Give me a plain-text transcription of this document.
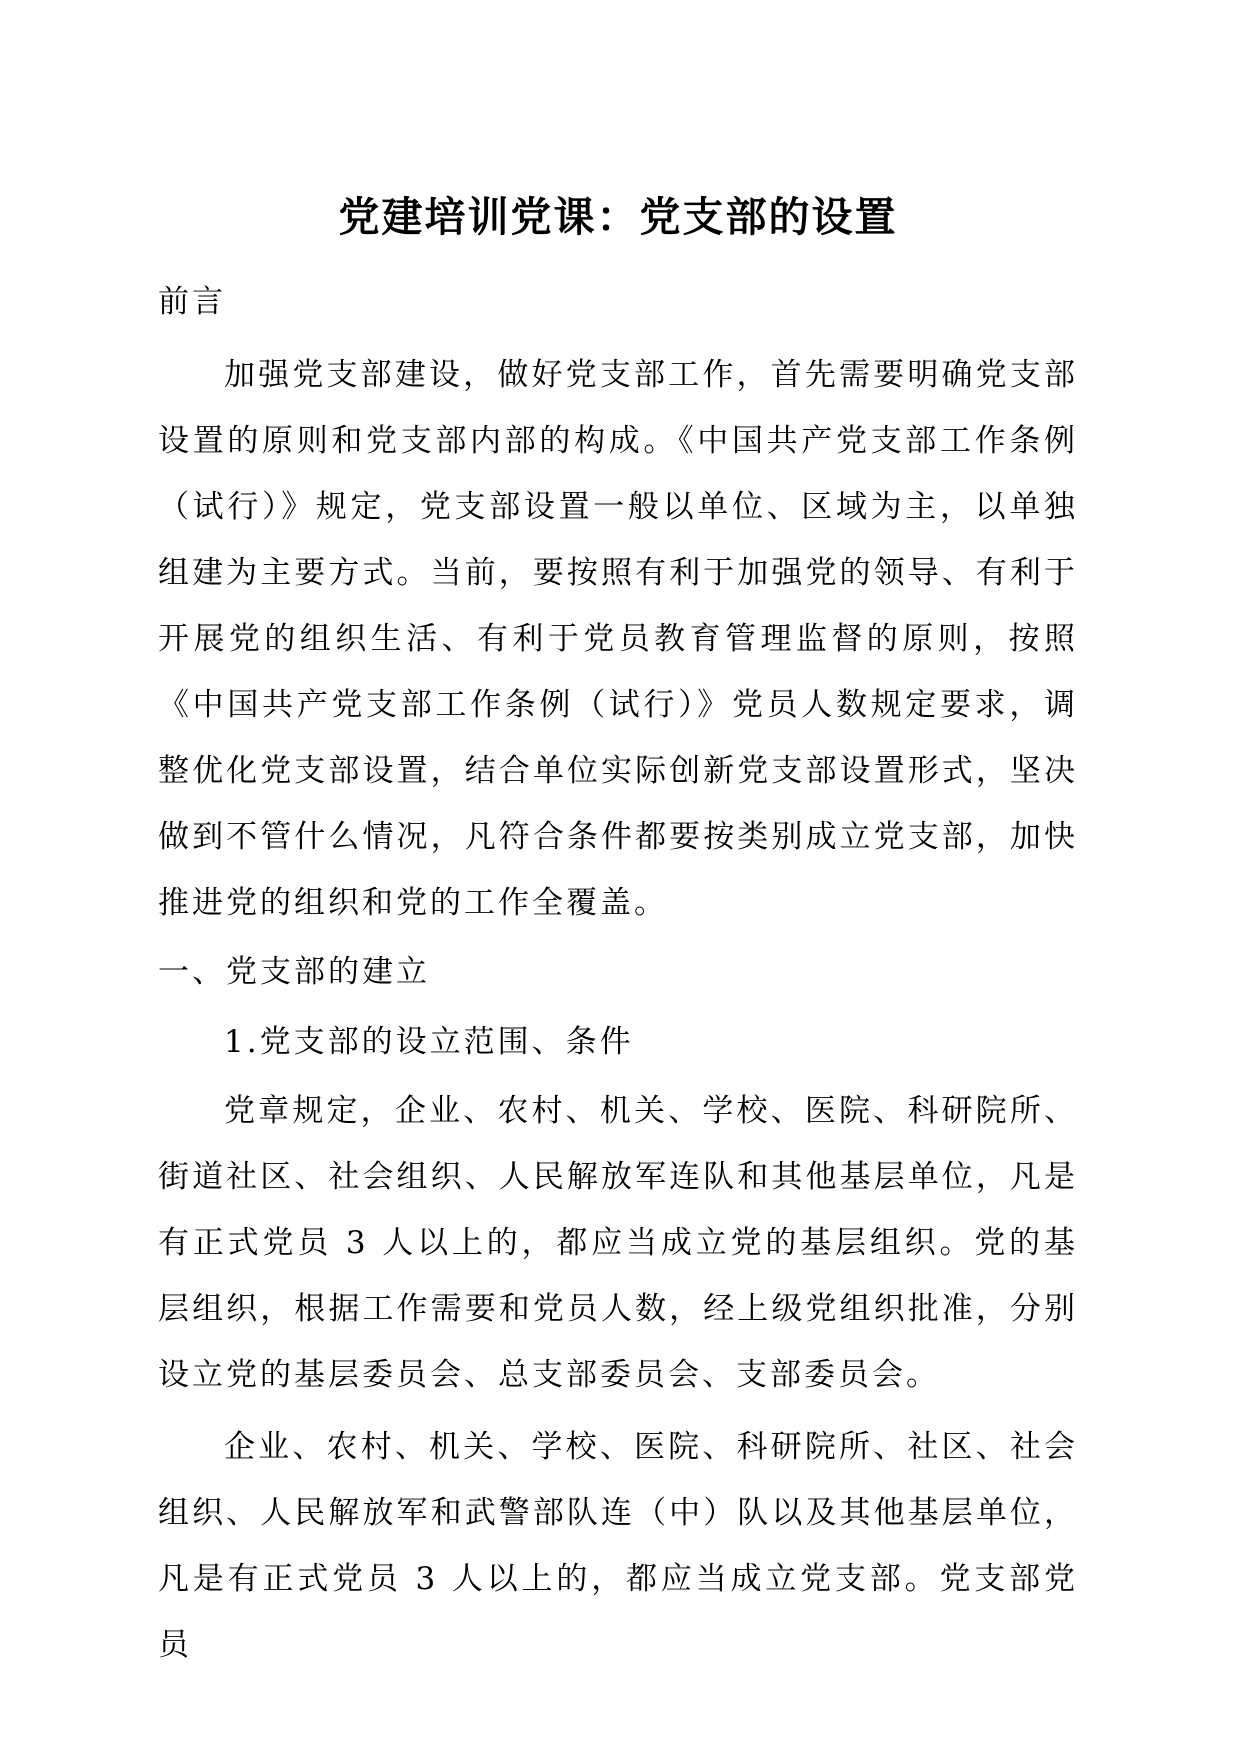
党建培训党课：党支部的设置
前言

加强党支部建设，做好党支部工作，首先需要明确党支部设置的原则和党支部内部的构成。《中国共产党支部工作条例（试行）》规定，党支部设置一般以单位、区域为主，以单独组建为主要方式。当前，要按照有利于加强党的领导、有利于开展党的组织生活、有利于党员教育管理监督的原则，按照《中国共产党支部工作条例（试行）》党员人数规定要求，调整优化党支部设置，结合单位实际创新党支部设置形式，坚决做到不管什么情况，凡符合条件都要按类别成立党支部，加快推进党的组织和党的工作全覆盖。

一、党支部的建立
1.党支部的设立范围、条件

党章规定，企业、农村、机关、学校、医院、科研院所、街道社区、社会组织、人民解放军连队和其他基层单位，凡是有正式党员 3 人以上的，都应当成立党的基层组织。党的基层组织，根据工作需要和党员人数，经上级党组织批准，分别设立党的基层委员会、总支部委员会、支部委员会。

企业、农村、机关、学校、医院、科研院所、社区、社会组织、人民解放军和武警部队连（中）队以及其他基层单位，凡是有正式党员 3 人以上的，都应当成立党支部。党支部党员
